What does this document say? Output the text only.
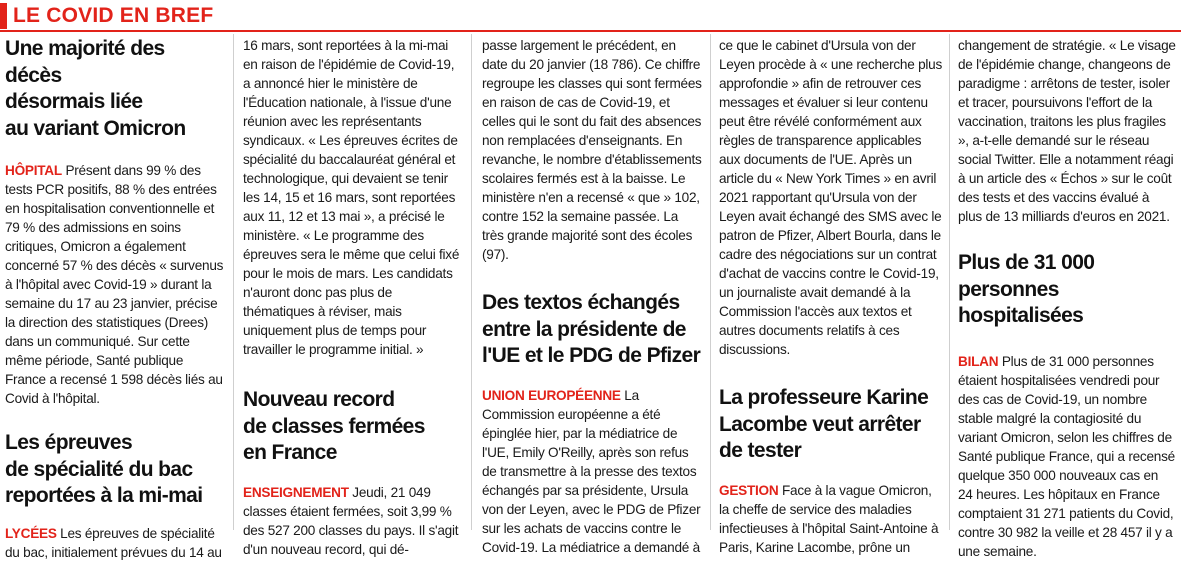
LE COVID EN BREF
Une majorité des décès
désormais liée
au variant Omicron

HÔPITAL Présent dans 99 % des tests PCR positifs, 88 % des entrées en hospitalisation conventionnelle et 79 % des admissions en soins critiques, Omicron a également concerné 57 % des décès « survenus à l'hôpital avec Covid-19 » durant la semaine du 17 au 23 janvier, précise la direction des statistiques (Drees) dans un communiqué. Sur cette même période, Santé publique France a recensé 1 598 décès liés au Covid à l'hôpital.

Les épreuves
de spécialité du bac
reportées à la mi-mai

LYCÉES Les épreuves de spécialité du bac, initialement prévues du 14 au

16 mars, sont reportées à la mi-mai en raison de l'épidémie de Covid-19, a annoncé hier le ministère de l'Éducation nationale, à l'issue d'une réunion avec les représentants syndicaux. « Les épreuves écrites de spécialité du baccalauréat général et technologique, qui devaient se tenir les 14, 15 et 16 mars, sont reportées aux 11, 12 et 13 mai », a précisé le ministère. « Le programme des épreuves sera le même que celui fixé pour le mois de mars. Les candidats n'auront donc pas plus de thématiques à réviser, mais uniquement plus de temps pour travailler le programme initial. »

Nouveau record
de classes fermées
en France

ENSEIGNEMENT Jeudi, 21 049 classes étaient fermées, soit 3,99 % des 527 200 classes du pays. Il s'agit d'un nouveau record, qui dé-

passe largement le précédent, en date du 20 janvier (18 786). Ce chiffre regroupe les classes qui sont fermées en raison de cas de Covid-19, et celles qui le sont du fait des absences non remplacées d'enseignants. En revanche, le nombre d'établissements scolaires fermés est à la baisse. Le ministère n'en a recensé « que » 102, contre 152 la semaine passée. La très grande majorité sont des écoles (97).

Des textos échangés
entre la présidente de
l'UE et le PDG de Pfizer

UNION EUROPÉENNE La Commission européenne a été épinglée hier, par la médiatrice de l'UE, Emily O'Reilly, après son refus de transmettre à la presse des textos échangés par sa présidente, Ursula von der Leyen, avec le PDG de Pfizer sur les achats de vaccins contre le Covid-19. La médiatrice a demandé à

ce que le cabinet d'Ursula von der Leyen procède à « une recherche plus approfondie » afin de retrouver ces messages et évaluer si leur contenu peut être révélé conformément aux règles de transparence applicables aux documents de l'UE. Après un article du « New York Times » en avril 2021 rapportant qu'Ursula von der Leyen avait échangé des SMS avec le patron de Pfizer, Albert Bourla, dans le cadre des négociations sur un contrat d'achat de vaccins contre le Covid-19, un journaliste avait demandé à la Commission l'accès aux textos et autres documents relatifs à ces discussions.

La professeure Karine
Lacombe veut arrêter
de tester

GESTION Face à la vague Omicron, la cheffe de service des maladies infectieuses à l'hôpital Saint-Antoine à Paris, Karine Lacombe, prône un

changement de stratégie. « Le visage de l'épidémie change, changeons de paradigme : arrêtons de tester, isoler et tracer, poursuivons l'effort de la vaccination, traitons les plus fragiles », a-t-elle demandé sur le réseau social Twitter. Elle a notamment réagi à un article des « Échos » sur le coût des tests et des vaccins évalué à plus de 13 milliards d'euros en 2021.

Plus de 31 000
personnes hospitalisées

BILAN Plus de 31 000 personnes étaient hospitalisées vendredi pour des cas de Covid-19, un nombre stable malgré la contagiosité du variant Omicron, selon les chiffres de Santé publique France, qui a recensé quelque 350 000 nouveaux cas en 24 heures. Les hôpitaux en France comptaient 31 271 patients du Covid, contre 30 982 la veille et 28 457 il y a une semaine.
